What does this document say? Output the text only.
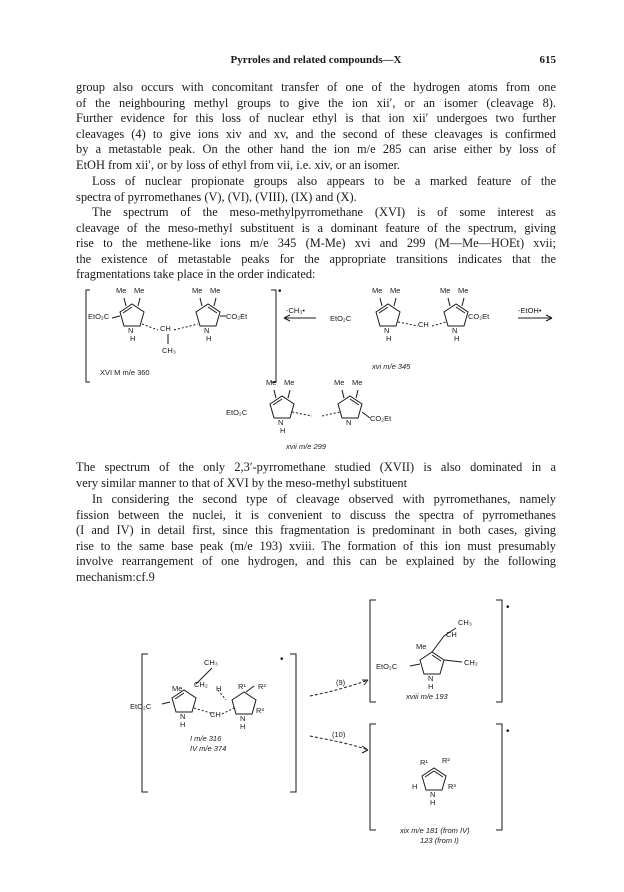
Pyrroles and related compounds—X	615
group also occurs with concomitant transfer of one of the hydrogen atoms from one
of the neighbouring methyl groups to give the ion xii′, or an isomer (cleavage 8).
Further evidence for this loss of nuclear ethyl is that ion xii′ undergoes two further
cleavages (4) to give ions xiv and xv, and the second of these cleavages is confirmed
by a metastable peak. On the other hand the ion m/e 285 can arise either by loss of
EtOH from xii′, or by loss of ethyl from vii, i.e. xiv, or an isomer.
Loss of nuclear propionate groups also appears to be a marked feature of the
spectra of pyrromethanes (V), (VI), (VIII), (IX) and (X).
The spectrum of the meso-methylpyrromethane (XVI) is of some interest as
cleavage of the meso-methyl substituent is a dominant feature of the spectrum, giving
rise to the methene-like ions m/e 345 (M-Me) xvi and 299 (M—Me—HOEt) xvii;
the existence of metastable peaks for the appropriate transitions indicates that the
fragmentations take place in the order indicated:
Me Me	Me Me	•
EtO₂C
CH
CO₂Et
N
H
N
H
CH₃
XVI M m/e 360
-CH₃•
Me Me	Me Me
EtO₂C
CH
CO₂Et
N
H
N
H
xvi m/e 345
-EtOH•
Me Me	Me Me
EtO₂C
CO₂Et
N
H
N
xvii m/e 299
The spectrum of the only 2,3′-pyrromethane studied (XVII) is also dominated in a
very similar manner to that of XVI by the meso-methyl substituent
In considering the second type of cleavage observed with pyrromethanes, namely
fission between the nuclei, it is convenient to discuss the spectra of pyrromethanes
(I and IV) in detail first, since this fragmentation is predominant in both cases, giving
rise to the same base peak (m/e 193) xviii. The formation of this ion must presumably
involve rearrangement of one hydrogen, and this can be explained by the following
mechanism:cf.9
CH₃	•
Me CH₂ H R¹ R²
EtO₂C
CH	R³
N
H
N
H
I m/e 316
IV m/e 374
(9)
(10)
•
CH₃
CH
Me
EtO₂C	CH₂
N
H
xviii m/e 193
•
R¹ R²
H	R³
N
H
xix m/e 181 (from IV)
123 (from I)
